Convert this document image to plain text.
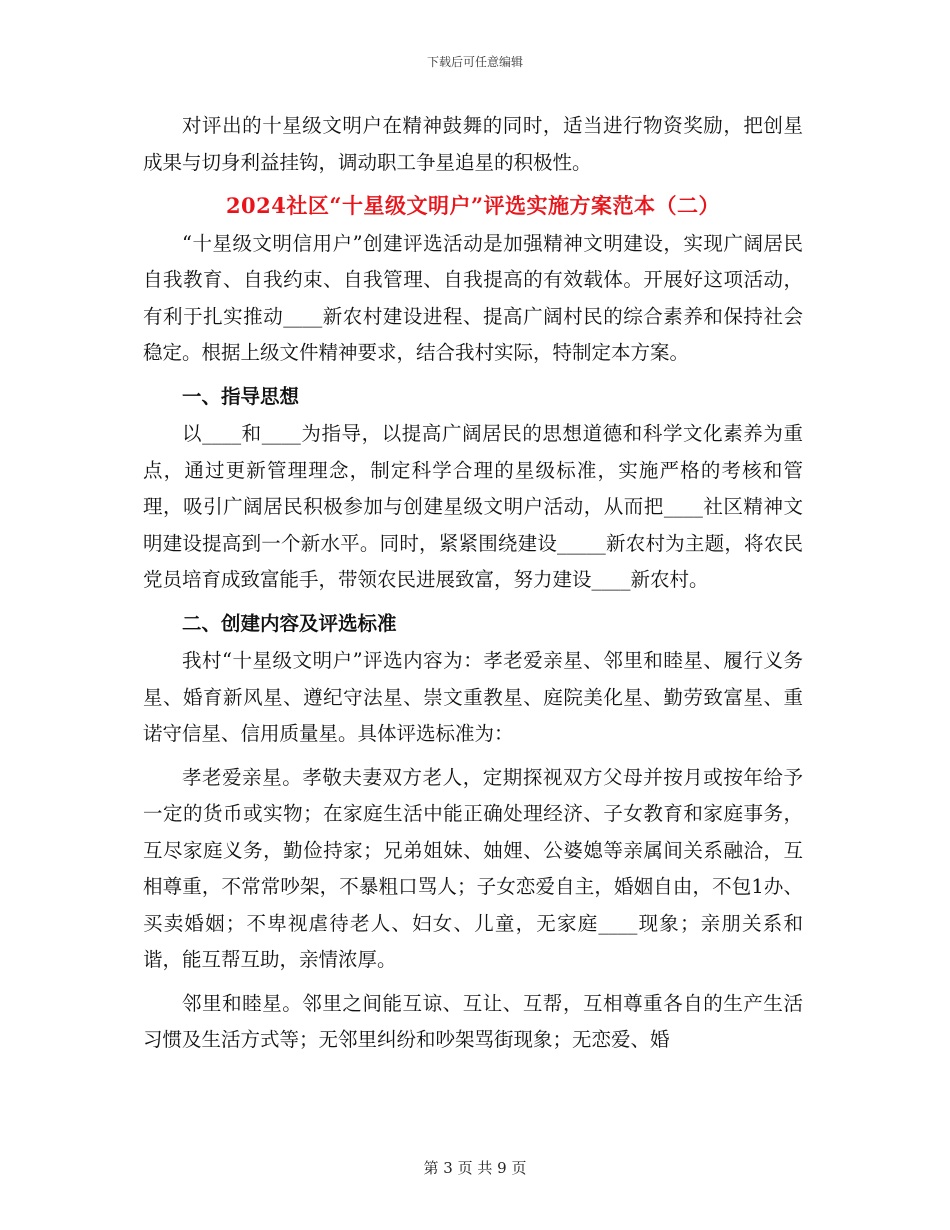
下载后可任意编辑

对评出的十星级文明户在精神鼓舞的同时，适当进行物资奖励，把创星成果与切身利益挂钩，调动职工争星追星的积极性。

2024社区“十星级文明户”评选实施方案范本（二）

“十星级文明信用户”创建评选活动是加强精神文明建设，实现广阔居民自我教育、自我约束、自我管理、自我提高的有效载体。开展好这项活动，有利于扎实推动____新农村建设进程、提高广阔村民的综合素养和保持社会稳定。根据上级文件精神要求，结合我村实际，特制定本方案。

一、指导思想

以____和____为指导，以提高广阔居民的思想道德和科学文化素养为重点，通过更新管理理念，制定科学合理的星级标准，实施严格的考核和管理，吸引广阔居民积极参加与创建星级文明户活动，从而把____社区精神文明建设提高到一个新水平。同时，紧紧围绕建设_____新农村为主题，将农民党员培育成致富能手，带领农民进展致富，努力建设____新农村。

二、创建内容及评选标准

我村“十星级文明户”评选内容为：孝老爱亲星、邻里和睦星、履行义务星、婚育新风星、遵纪守法星、崇文重教星、庭院美化星、勤劳致富星、重诺守信星、信用质量星。具体评选标准为：

孝老爱亲星。孝敬夫妻双方老人，定期探视双方父母并按月或按年给予一定的货币或实物；在家庭生活中能正确处理经济、子女教育和家庭事务，互尽家庭义务，勤俭持家；兄弟姐妹、妯娌、公婆媳等亲属间关系融洽，互相尊重，不常常吵架，不暴粗口骂人；子女恋爱自主，婚姻自由，不包1办、买卖婚姻；不卑视虐待老人、妇女、儿童，无家庭____现象；亲朋关系和谐，能互帮互助，亲情浓厚。

邻里和睦星。邻里之间能互谅、互让、互帮，互相尊重各自的生产生活习惯及生活方式等；无邻里纠纷和吵架骂街现象；无恋爱、婚

第 3 页 共 9 页
